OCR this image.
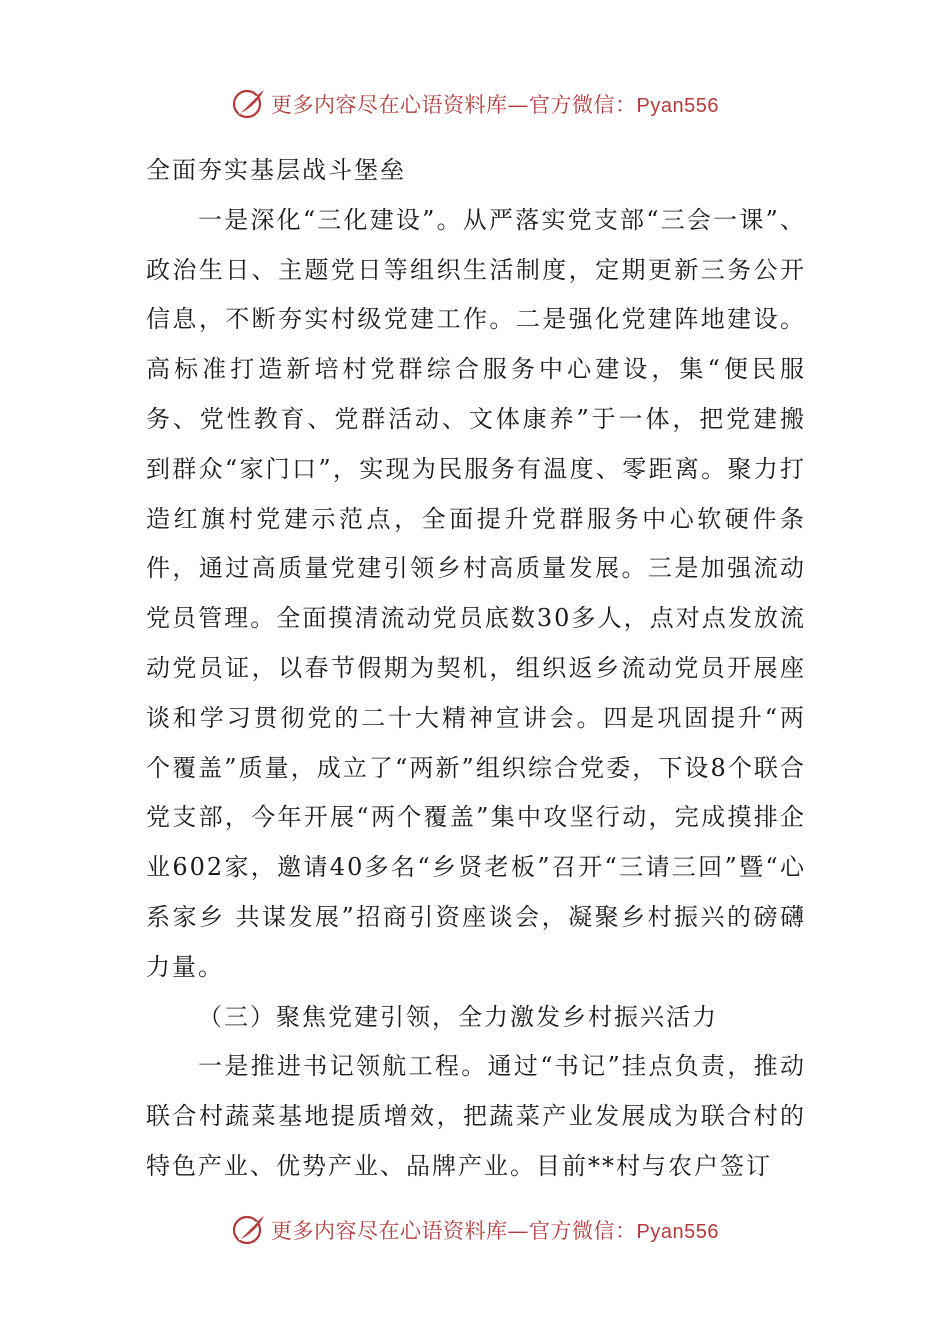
更多内容尽在心语资料库—官方微信：Pyan556

全面夯实基层战斗堡垒

一是深化“三化建设”。从严落实党支部“三会一课”、政治生日、主题党日等组织生活制度，定期更新三务公开信息，不断夯实村级党建工作。二是强化党建阵地建设。高标准打造新培村党群综合服务中心建设，集“便民服务、党性教育、党群活动、文体康养”于一体，把党建搬到群众“家门口”，实现为民服务有温度、零距离。聚力打造红旗村党建示范点，全面提升党群服务中心软硬件条件，通过高质量党建引领乡村高质量发展。三是加强流动党员管理。全面摸清流动党员底数30多人，点对点发放流动党员证，以春节假期为契机，组织返乡流动党员开展座谈和学习贯彻党的二十大精神宣讲会。四是巩固提升“两个覆盖”质量，成立了“两新”组织综合党委，下设8个联合党支部，今年开展“两个覆盖”集中攻坚行动，完成摸排企业602家，邀请40多名“乡贤老板”召开“三请三回”暨“心系家乡 共谋发展”招商引资座谈会，凝聚乡村振兴的磅礴力量。

（三）聚焦党建引领，全力激发乡村振兴活力

一是推进书记领航工程。通过“书记”挂点负责，推动联合村蔬菜基地提质增效，把蔬菜产业发展成为联合村的特色产业、优势产业、品牌产业。目前**村与农户签订

更多内容尽在心语资料库—官方微信：Pyan556
